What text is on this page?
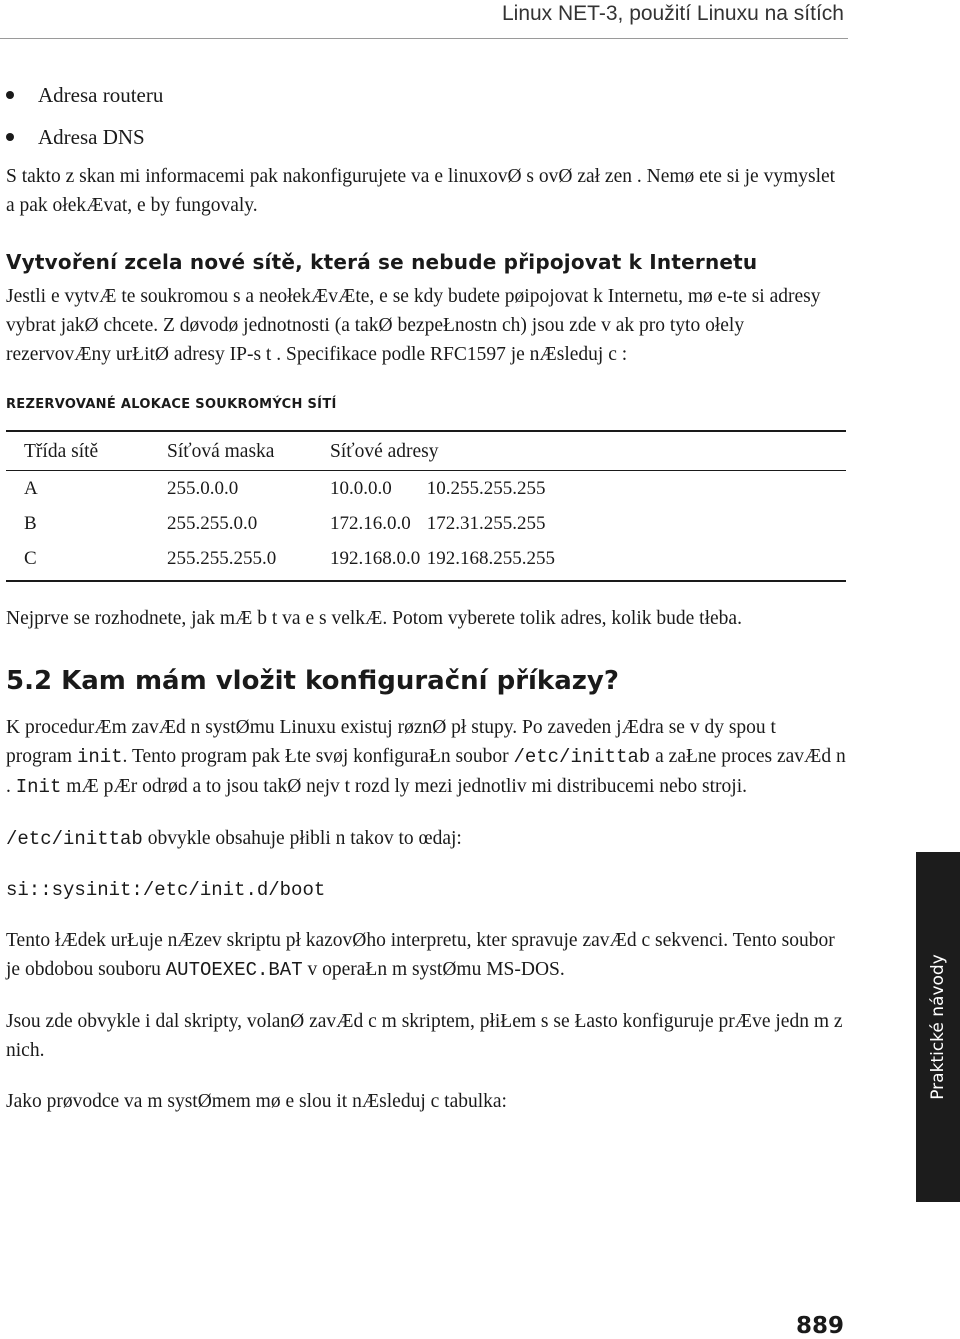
Linux NET-3, použití Linuxu na sítích
Adresa routeru
Adresa DNS

S takto z skan mi informacemi pak nakonfigurujete va e linuxovØ s ovØ zał zen . Nemø ete si je vymyslet a pak ołekÆvat, e by fungovaly.

Vytvoření zcela nové sítě, která se nebude připojovat k Internetu

Jestli e vytvÆ te soukromou s a neołekÆvÆte, e se kdy budete pøipojovat k Internetu, mø e-te si adresy vybrat jakØ chcete. Z døvodø jednotnosti (a takØ bezpeŁnostn ch) jsou zde v ak pro tyto ołely rezervovÆny urŁitØ adresy IP-s t . Specifikace podle RFC1597 je nÆsleduj c :

REZERVOVANÉ ALOKACE SOUKROMÝCH SÍTÍ
Třída sítě	Síťová maska	Síťové adresy
A	255.0.0.0	10.0.0.0 10.255.255.255
B	255.255.0.0	172.16.0.0 172.31.255.255
C	255.255.255.0	192.168.0.0 192.168.255.255

Nejprve se rozhodnete, jak mÆ b t va e s velkÆ. Potom vyberete tolik adres, kolik bude tłeba.

5.2 Kam mám vložit konfigurační příkazy?

K procedurÆm zavÆd n systØmu Linuxu existuj røznØ pł stupy. Po zaveden jÆdra se v dy spou t program init. Tento program pak Łte svøj konfiguraŁn soubor /etc/inittab a zaŁne proces zavÆd n . Init mÆ pÆr odrød a to jsou takØ nejv t rozd ly mezi jednotliv mi distribucemi nebo stroji.

/etc/inittab obvykle obsahuje płibli n takov to œdaj:

si::sysinit:/etc/init.d/boot

Tento łÆdek urŁuje nÆzev skriptu pł kazovØho interpretu, kter spravuje zavÆd c sekvenci. Tento soubor je obdobou souboru AUTOEXEC.BAT v operaŁn m systØmu MS-DOS.

Jsou zde obvykle i dal skripty, volanØ zavÆd c m skriptem, płiŁem s se Łasto konfiguruje prÆve jedn m z nich.

Jako prøvodce va m systØmem mø e slou it nÆsleduj c tabulka:

Praktické návody
889
